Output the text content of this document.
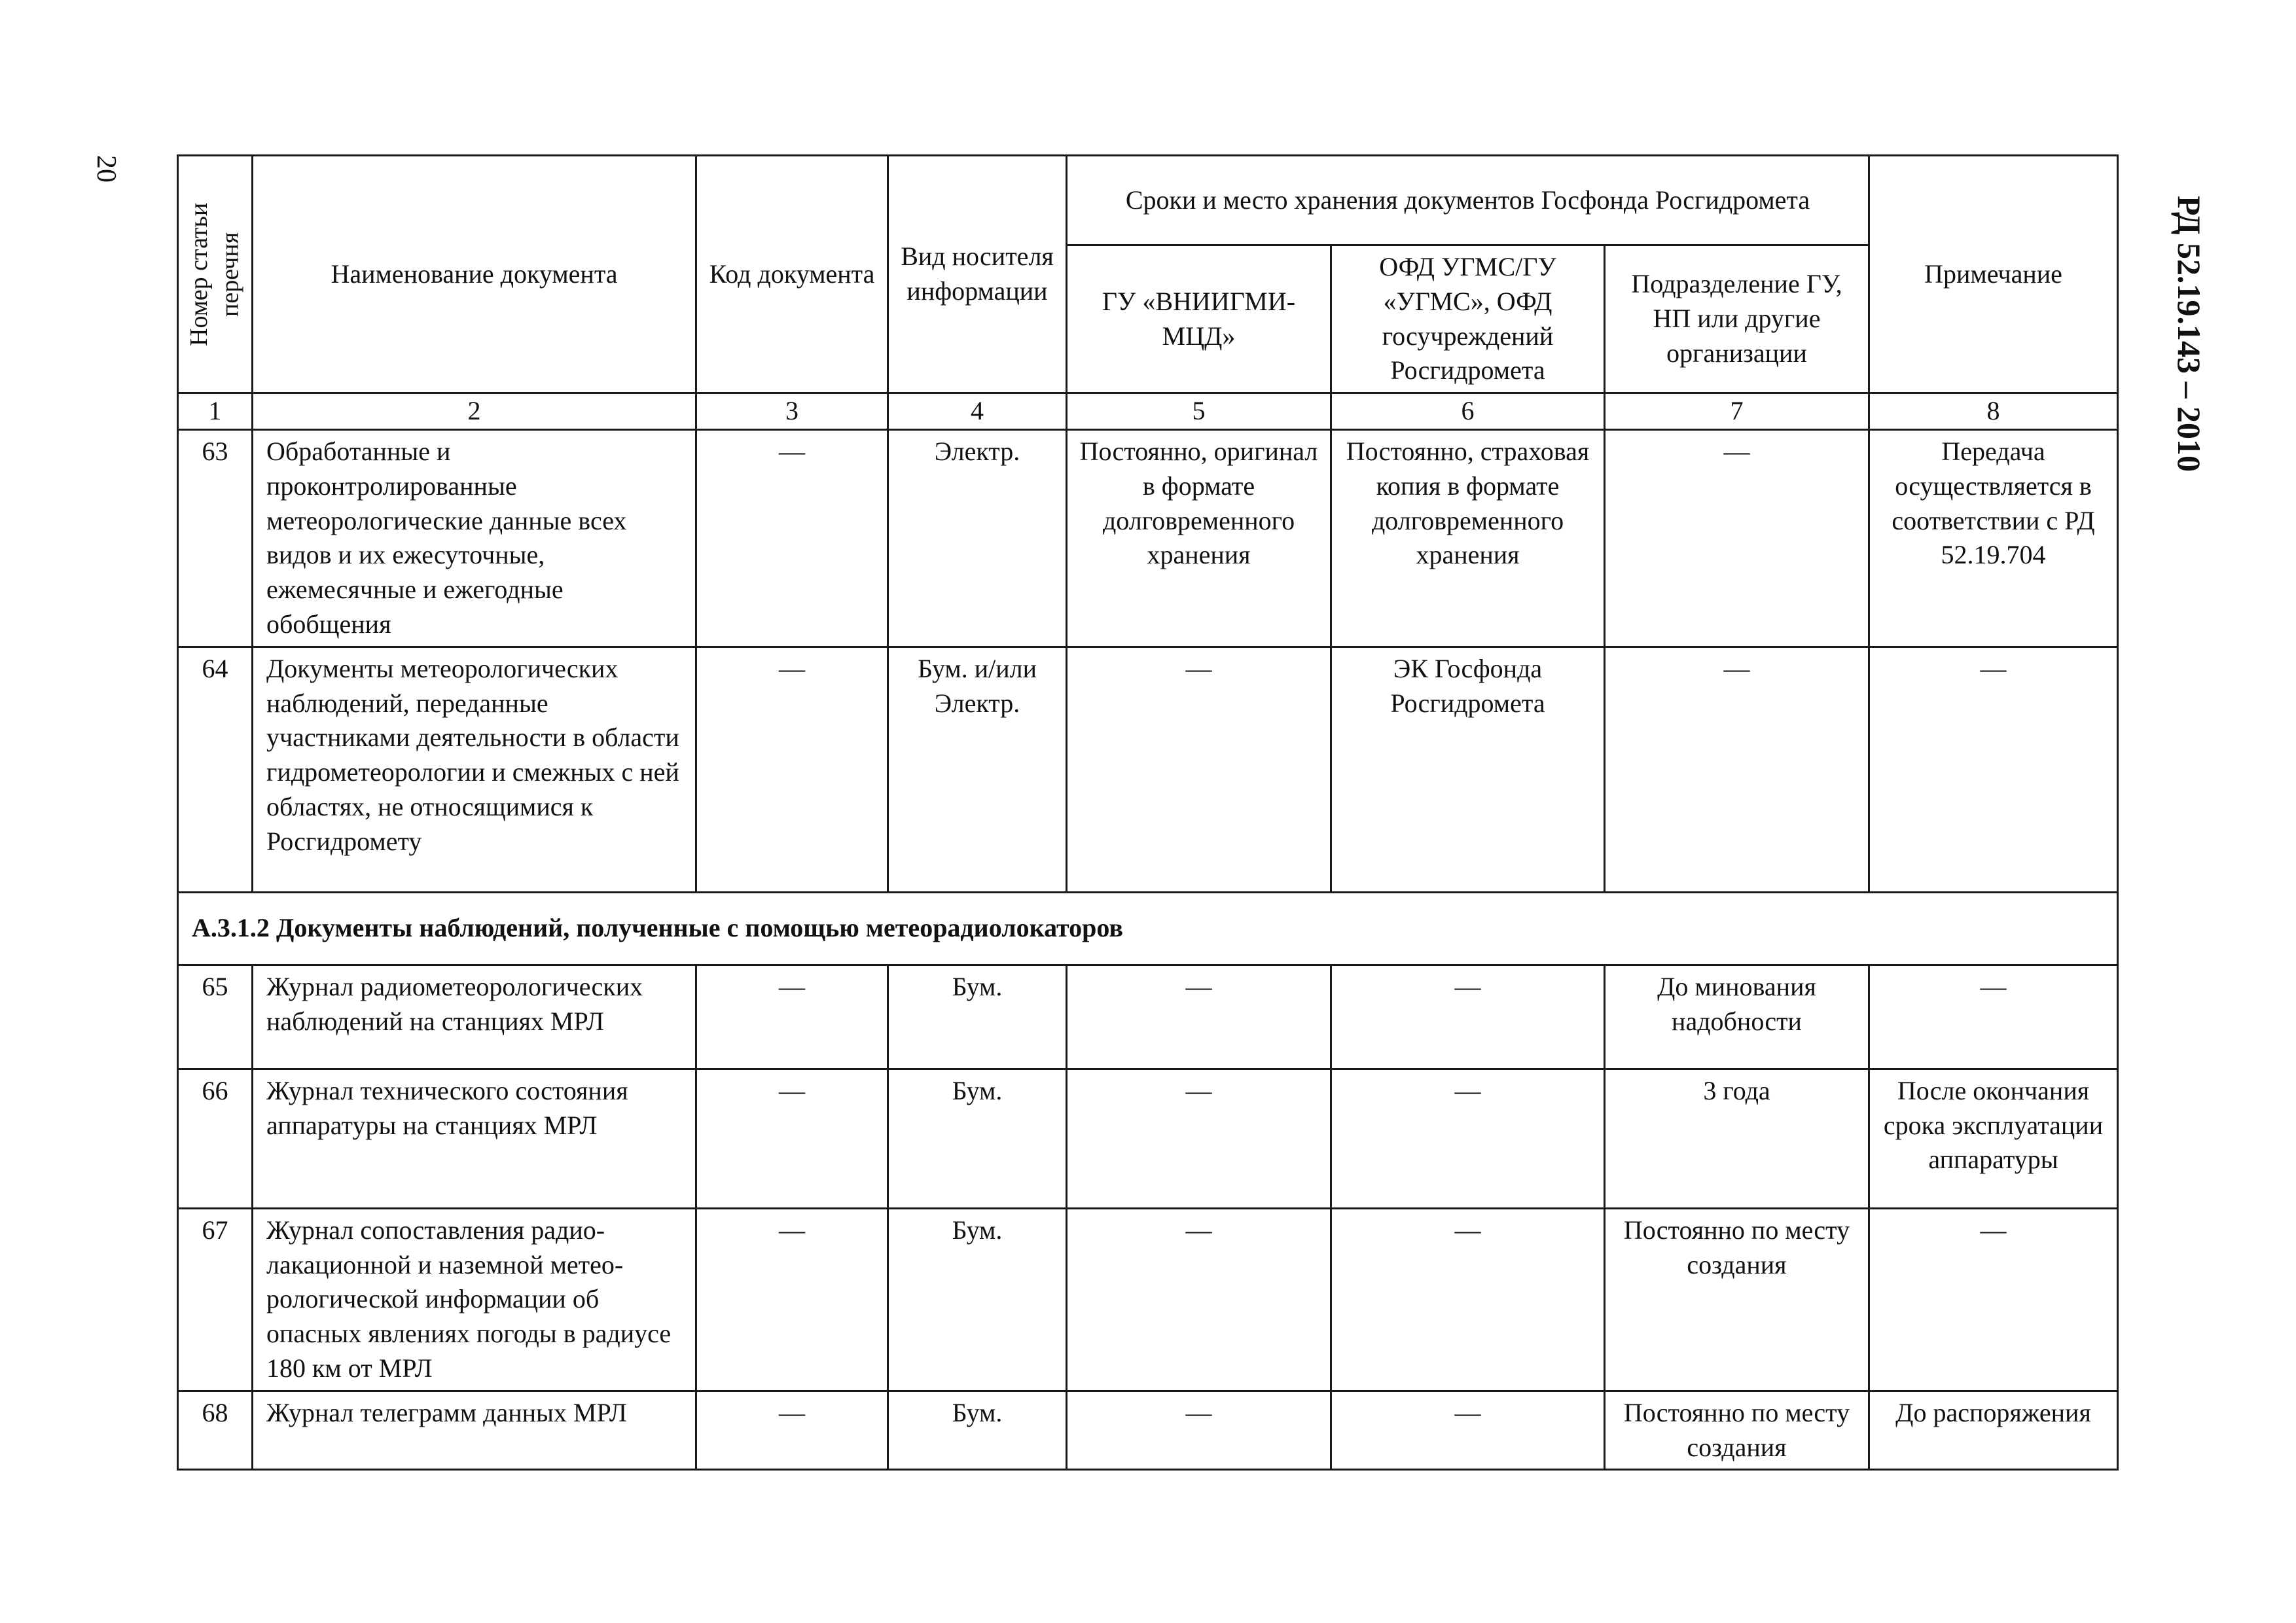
20
РД 52.19.143 – 2010
Номер статьи перечня	Наименование документа	Код документа	Вид носителя информации	Сроки и место хранения документов Госфонда Росгидромета			Примечание
				ГУ «ВНИИГМИ-МЦД»	ОФД УГМС/ГУ «УГМС», ОФД госучреждений Росгидромета	Подразделение ГУ, НП или другие организации	
1	2	3	4	5	6	7	8
63	Обработанные и проконтролированные метеорологические данные всех видов и их ежесуточные, ежемесячные и ежегодные обобщения	—	Электр.	Постоянно, оригинал в формате долговременного хранения	Постоянно, страховая копия в формате долговременного хранения	—	Передача осуществляется в соответствии с РД 52.19.704
64	Документы метеорологических наблюдений, переданные участниками деятельности в области гидрометеорологии и смежных с ней областях, не относящимися к Росгидромету	—	Бум. и/или Электр.	—	ЭК Госфонда Росгидромета	—	—
А.3.1.2 Документы наблюдений, полученные с помощью метеорадиолокаторов							
65	Журнал радиометеорологических наблюдений на станциях МРЛ	—	Бум.	—	—	До минования надобности	—
66	Журнал технического состояния аппаратуры на станциях МРЛ	—	Бум.	—	—	3 года	После окончания срока эксплуатации аппаратуры
67	Журнал сопоставления радио-лакационной и наземной метео-рологической информации об опасных явлениях погоды в радиусе 180 км от МРЛ	—	Бум.	—	—	Постоянно по месту создания	—
68	Журнал телеграмм данных МРЛ	—	Бум.	—	—	Постоянно по месту создания	До распоряжения
